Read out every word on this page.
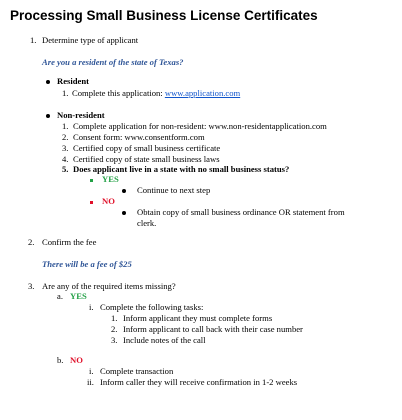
Processing Small Business License Certificates
1. Determine type of applicant
Are you a resident of the state of Texas?
Resident
1. Complete this application: www.application.com
Non-resident
1. Complete application for non-resident: www.non-residentapplication.com
2. Consent form: www.consentform.com
3. Certified copy of small business certificate
4. Certified copy of state small business laws
5. Does applicant live in a state with no small business status?
YES
Continue to next step
NO
Obtain copy of small business ordinance OR statement from
clerk.
2. Confirm the fee
There will be a fee of $25
3. Are any of the required items missing?
a. YES
i. Complete the following tasks:
1. Inform applicant they must complete forms
2. Inform applicant to call back with their case number
3. Include notes of the call
b. NO
i. Complete transaction
ii. Inform caller they will receive confirmation in 1-2 weeks
